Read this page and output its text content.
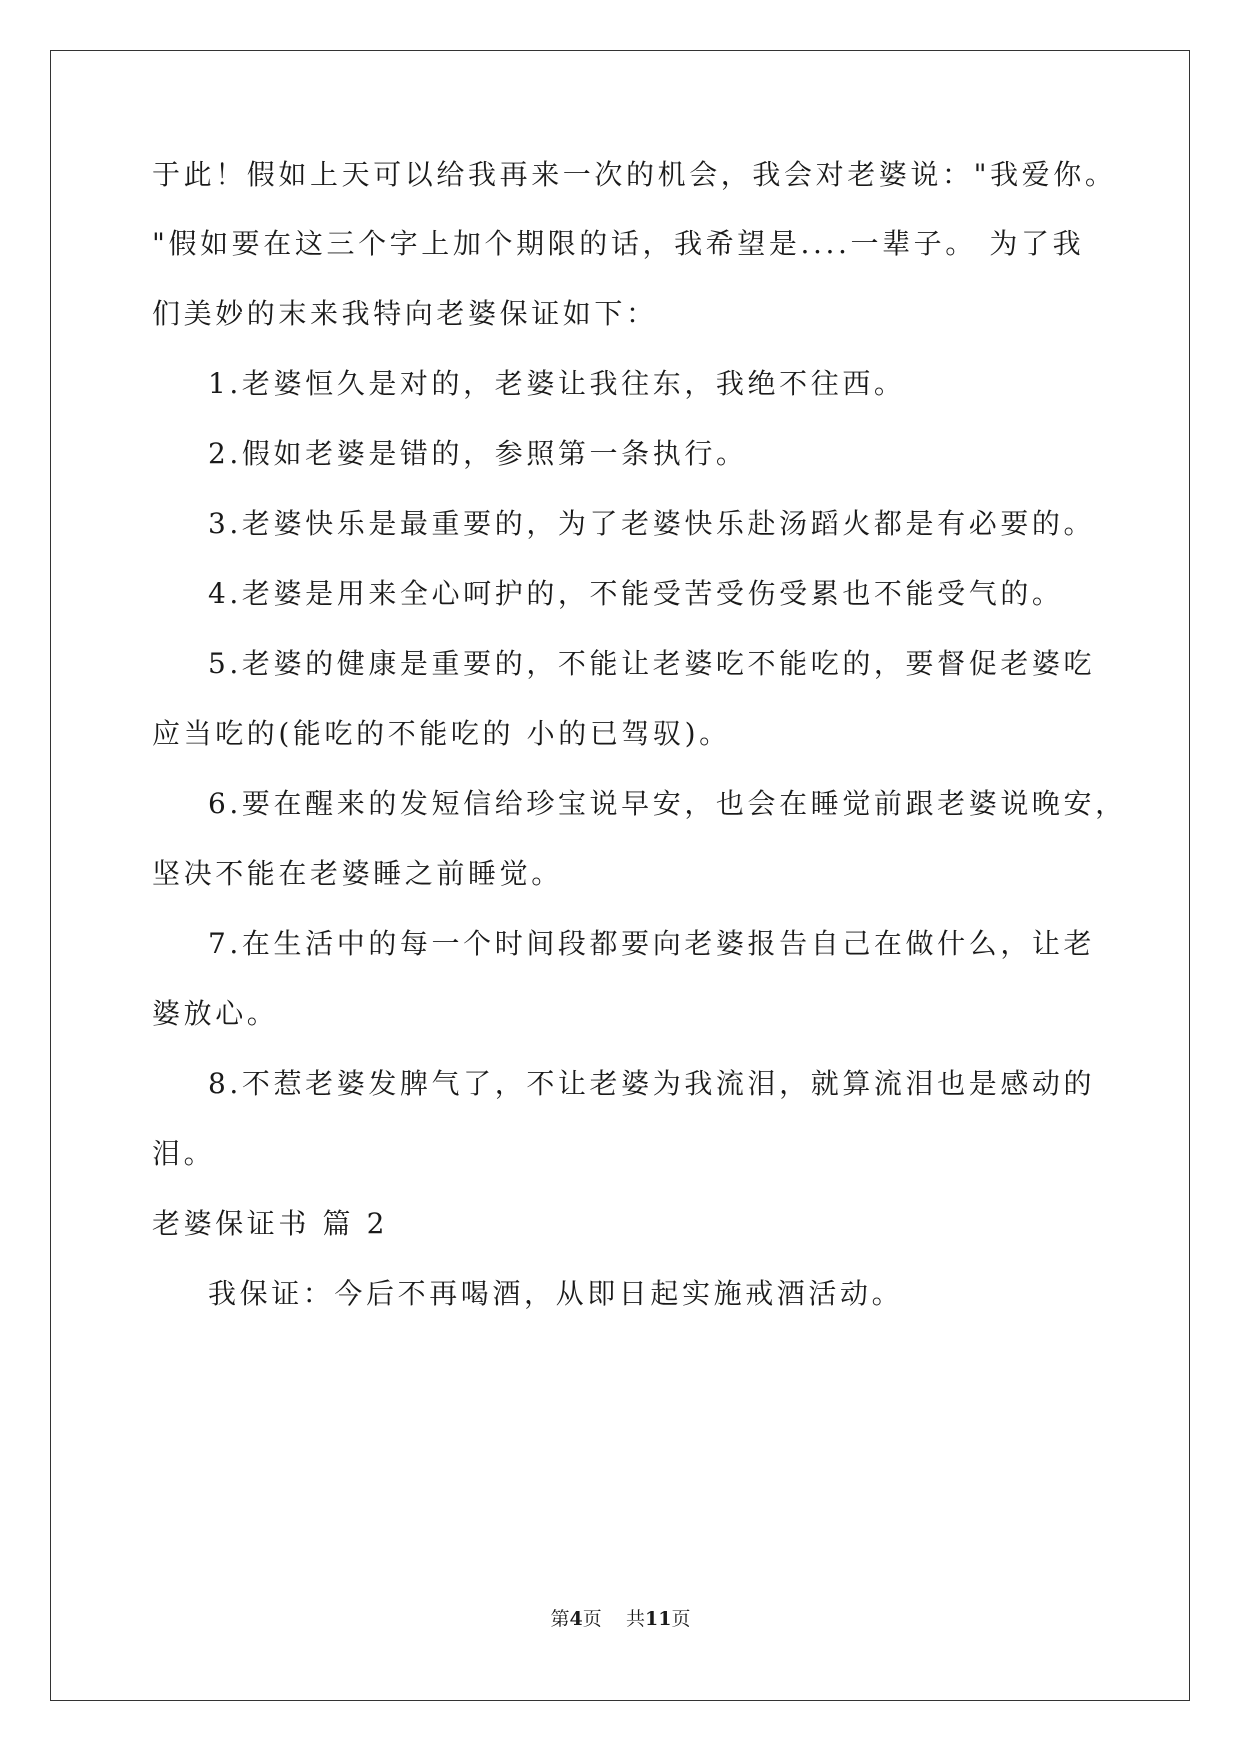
于此！假如上天可以给我再来一次的机会，我会对老婆说："我爱你。
"假如要在这三个字上加个期限的话，我希望是....一辈子。 为了我
们美妙的末来我特向老婆保证如下：
1.老婆恒久是对的，老婆让我往东，我绝不往西。
2.假如老婆是错的，参照第一条执行。
3.老婆快乐是最重要的，为了老婆快乐赴汤蹈火都是有必要的。
4.老婆是用来全心呵护的，不能受苦受伤受累也不能受气的。
5.老婆的健康是重要的，不能让老婆吃不能吃的，要督促老婆吃
应当吃的(能吃的不能吃的 小的已驾驭)。
6.要在醒来的发短信给珍宝说早安，也会在睡觉前跟老婆说晚安，
坚决不能在老婆睡之前睡觉。
7.在生活中的每一个时间段都要向老婆报告自己在做什么，让老
婆放心。
8.不惹老婆发脾气了，不让老婆为我流泪，就算流泪也是感动的
泪。
老婆保证书 篇 2
我保证：今后不再喝酒，从即日起实施戒酒活动。
第4页 共11页
